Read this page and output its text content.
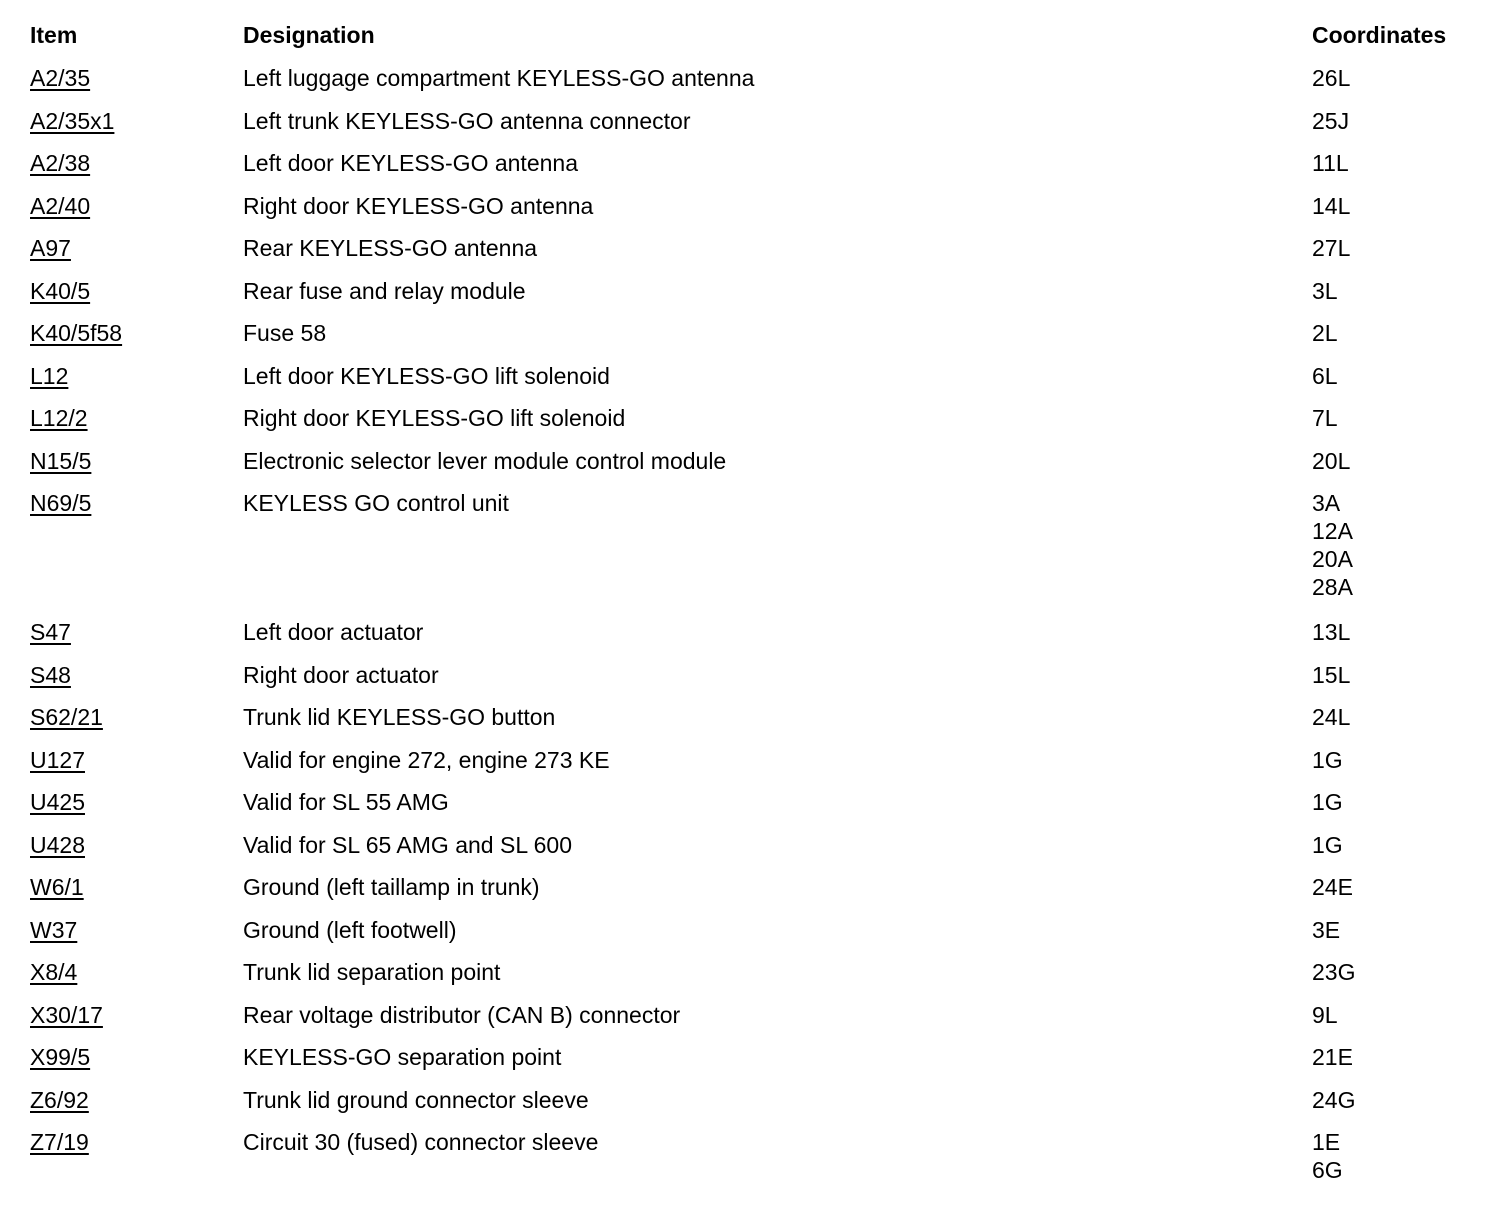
Item	Designation	Coordinates
A2/35	Left luggage compartment KEYLESS-GO antenna	26L
A2/35x1	Left trunk KEYLESS-GO antenna connector	25J
A2/38	Left door KEYLESS-GO antenna	11L
A2/40	Right door KEYLESS-GO antenna	14L
A97	Rear KEYLESS-GO antenna	27L
K40/5	Rear fuse and relay module	3L
K40/5f58	Fuse 58	2L
L12	Left door KEYLESS-GO lift solenoid	6L
L12/2	Right door KEYLESS-GO lift solenoid	7L
N15/5	Electronic selector lever module control module	20L
N69/5	KEYLESS GO control unit	3A
12A
20A
28A
S47	Left door actuator	13L
S48	Right door actuator	15L
S62/21	Trunk lid KEYLESS-GO button	24L
U127	Valid for engine 272, engine 273 KE	1G
U425	Valid for SL 55 AMG	1G
U428	Valid for SL 65 AMG and SL 600	1G
W6/1	Ground (left taillamp in trunk)	24E
W37	Ground (left footwell)	3E
X8/4	Trunk lid separation point	23G
X30/17	Rear voltage distributor (CAN B) connector	9L
X99/5	KEYLESS-GO separation point	21E
Z6/92	Trunk lid ground connector sleeve	24G
Z7/19	Circuit 30 (fused) connector sleeve	1E
6G
